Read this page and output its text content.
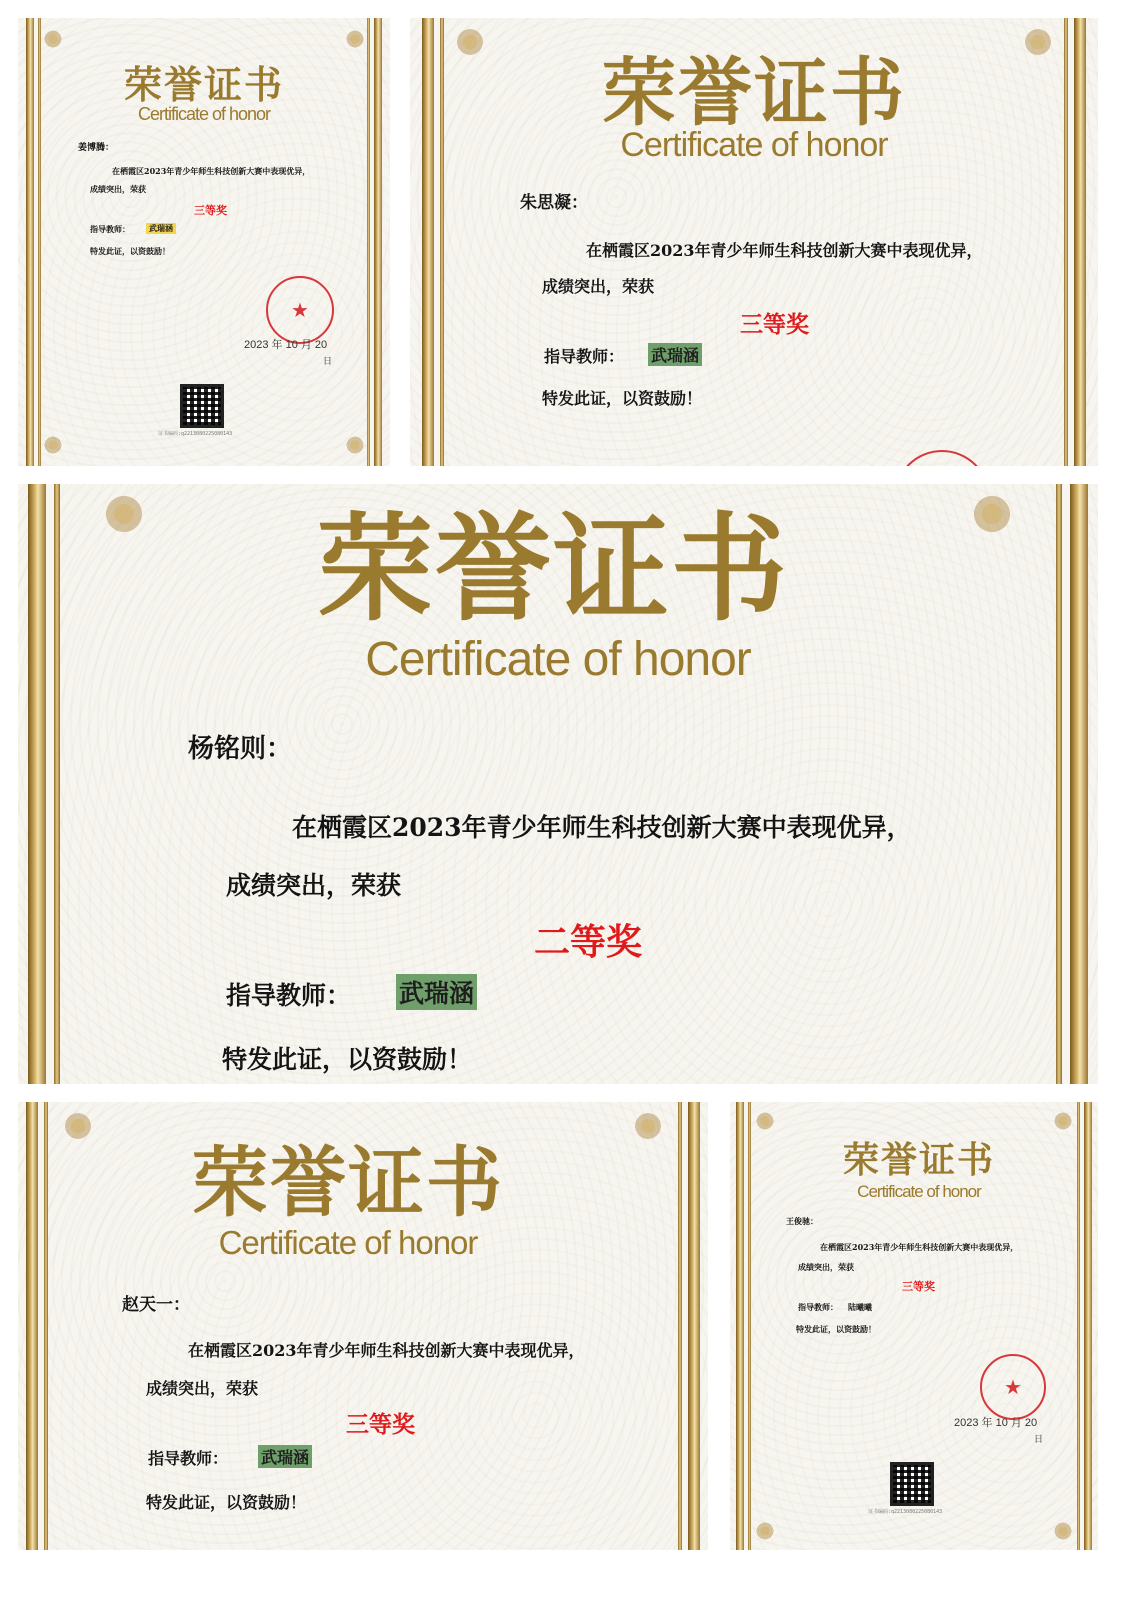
荣誉证书
Certificate of honor
姜博腾：
在栖霞区2023年青少年师生科技创新大赛中表现优异，
成绩突出，荣获
三等奖
指导教师：	武瑞涵
特发此证，以资鼓励！
★
2023 年 10 月 20
日
证书编码:q2213080225080143
荣誉证书
Certificate of honor
朱思凝：
在栖霞区2023年青少年师生科技创新大赛中表现优异，
成绩突出，荣获
三等奖
指导教师： 武瑞涵
特发此证，以资鼓励！
荣誉证书
Certificate of honor
杨铭则：
在栖霞区2023年青少年师生科技创新大赛中表现优异，
成绩突出，荣获
二等奖
指导教师： 武瑞涵
特发此证，以资鼓励！
荣誉证书
Certificate of honor
赵天一：
在栖霞区2023年青少年师生科技创新大赛中表现优异，
成绩突出，荣获
三等奖
指导教师： 武瑞涵
特发此证，以资鼓励！
荣誉证书
Certificate of honor
王俊驰：
在栖霞区2023年青少年师生科技创新大赛中表现优异，
成绩突出，荣获
三等奖
指导教师： 陆曦曦
特发此证，以资鼓励！
★
2023 年 10 月 20
日
证书编码:q2213080225080143
